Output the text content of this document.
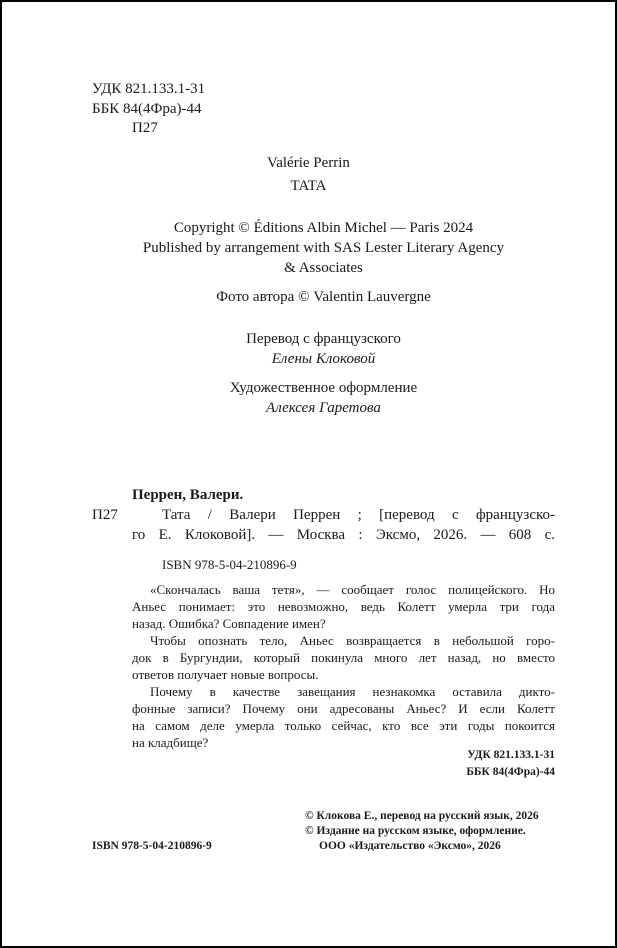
УДК 821.133.1-31
ББК 84(4Фра)-44
П27
Valérie Perrin
TATA
Copyright © Éditions Albin Michel — Paris 2024
Published by arrangement with SAS Lester Literary Agency
& Associates
Фото автора © Valentin Lauvergne
Перевод с французского
Елены Клоковой
Художественное оформление
Алексея Гаретова
Перрен, Валери.
П27	Тата / Валери Перрен ; [перевод с французско-
го Е. Клоковой]. — Москва : Эксмо, 2026. — 608 с.
ISBN 978-5-04-210896-9
«Скончалась ваша тетя», — сообщает голос полицейского. Но
Аньес понимает: это невозможно, ведь Колетт умерла три года
назад. Ошибка? Совпадение имен?
Чтобы опознать тело, Аньес возвращается в небольшой горо-
док в Бургундии, который покинула много лет назад, но вместо
ответов получает новые вопросы.
Почему в качестве завещания незнакомка оставила дикто-
фонные записи? Почему они адресованы Аньес? И если Колетт
на самом деле умерла только сейчас, кто все эти годы покоится
на кладбище?
УДК 821.133.1-31
ББК 84(4Фра)-44
ISBN 978-5-04-210896-9
© Клокова Е., перевод на русский язык, 2026
© Издание на русском языке, оформление.
ООО «Издательство «Эксмо», 2026
